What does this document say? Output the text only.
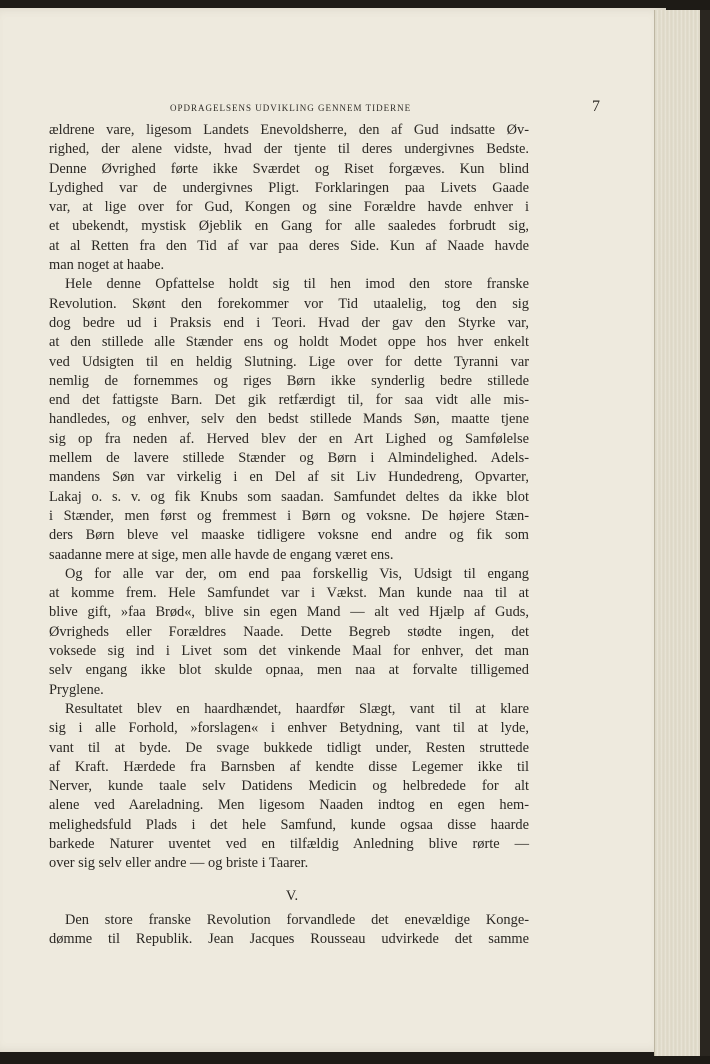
OPDRAGELSENS UDVIKLING GENNEM TIDERNE	7
ældrene vare, ligesom Landets Enevoldsherre, den af Gud indsatte Øv-
righed, der alene vidste, hvad der tjente til deres undergivnes Bedste.
Denne Øvrighed førte ikke Sværdet og Riset forgæves. Kun blind
Lydighed var de undergivnes Pligt. Forklaringen paa Livets Gaade
var, at lige over for Gud, Kongen og sine Forældre havde enhver i
et ubekendt, mystisk Øjeblik en Gang for alle saaledes forbrudt sig,
at al Retten fra den Tid af var paa deres Side. Kun af Naade havde
man noget at haabe.
Hele denne Opfattelse holdt sig til hen imod den store franske
Revolution. Skønt den forekommer vor Tid utaalelig, tog den sig
dog bedre ud i Praksis end i Teori. Hvad der gav den Styrke var,
at den stillede alle Stænder ens og holdt Modet oppe hos hver enkelt
ved Udsigten til en heldig Slutning. Lige over for dette Tyranni var
nemlig de fornemmes og riges Børn ikke synderlig bedre stillede
end det fattigste Barn. Det gik retfærdigt til, for saa vidt alle mis-
handledes, og enhver, selv den bedst stillede Mands Søn, maatte tjene
sig op fra neden af. Herved blev der en Art Lighed og Samfølelse
mellem de lavere stillede Stænder og Børn i Almindelighed. Adels-
mandens Søn var virkelig i en Del af sit Liv Hundedreng, Opvarter,
Lakaj o. s. v. og fik Knubs som saadan. Samfundet deltes da ikke blot
i Stænder, men først og fremmest i Børn og voksne. De højere Stæn-
ders Børn bleve vel maaske tidligere voksne end andre og fik som
saadanne mere at sige, men alle havde de engang været ens.
Og for alle var der, om end paa forskellig Vis, Udsigt til engang
at komme frem. Hele Samfundet var i Vækst. Man kunde naa til at
blive gift, »faa Brød«, blive sin egen Mand — alt ved Hjælp af Guds,
Øvrigheds eller Forældres Naade. Dette Begreb stødte ingen, det
voksede sig ind i Livet som det vinkende Maal for enhver, det man
selv engang ikke blot skulde opnaa, men naa at forvalte tilligemed
Pryglene.
Resultatet blev en haardhændet, haardfør Slægt, vant til at klare
sig i alle Forhold, »forslagen« i enhver Betydning, vant til at lyde,
vant til at byde. De svage bukkede tidligt under, Resten struttede
af Kraft. Hærdede fra Barnsben af kendte disse Legemer ikke til
Nerver, kunde taale selv Datidens Medicin og helbredede for alt
alene ved Aareladning. Men ligesom Naaden indtog en egen hem-
melighedsfuld Plads i det hele Samfund, kunde ogsaa disse haarde
barkede Naturer uventet ved en tilfældig Anledning blive rørte —
over sig selv eller andre — og briste i Taarer.
V.
Den store franske Revolution forvandlede det enevældige Konge-
dømme til Republik. Jean Jacques Rousseau udvirkede det samme
